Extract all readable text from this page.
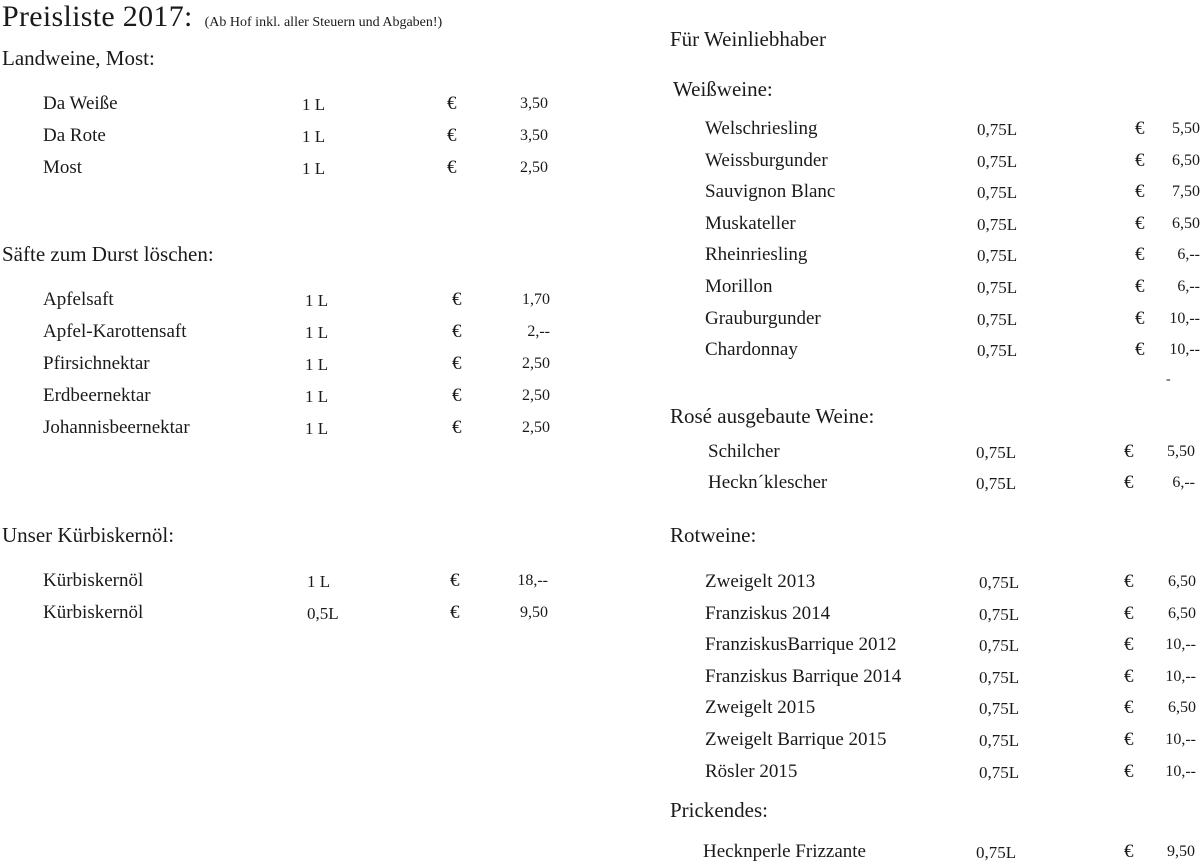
Preisliste 2017: (Ab Hof inkl. aller Steuern und Abgaben!)
Landweine, Most:
Da Weiße	1 L	€	3,50
Da Rote	1 L	€	3,50
Most	1 L	€	2,50
Säfte zum Durst löschen:
Apfelsaft	1 L	€	1,70
Apfel-Karottensaft	1 L	€	2,--
Pfirsichnektar	1 L	€	2,50
Erdbeernektar	1 L	€	2,50
Johannisbeernektar	1 L	€	2,50
Unser Kürbiskernöl:
Kürbiskernöl	1 L	€	18,--
Kürbiskernöl	0,5L	€	9,50
Für Weinliebhaber
Weißweine:
Welschriesling	0,75L	€ 5,50
Weissburgunder	0,75L	€ 6,50
Sauvignon Blanc	0,75L	€ 7,50
Muskateller	0,75L	€ 6,50
Rheinriesling	0,75L	€ 6,--
Morillon	0,75L	€ 6,--
Grauburgunder	0,75L	€ 10,--
Chardonnay	0,75L	€ 10,--
-
Rosé ausgebaute Weine:
Schilcher	0,75L	€ 5,50
Heckn´klescher	0,75L	€ 6,--
Rotweine:
Zweigelt 2013	0,75L	€ 6,50
Franziskus 2014	0,75L	€ 6,50
FranziskusBarrique 2012	0,75L	€ 10,--
Franziskus Barrique 2014	0,75L	€ 10,--
Zweigelt 2015	0,75L	€ 6,50
Zweigelt Barrique 2015	0,75L	€ 10,--
Rösler 2015	0,75L	€ 10,--
Prickendes:
Hecknperle Frizzante	0,75L	€ 9,50
